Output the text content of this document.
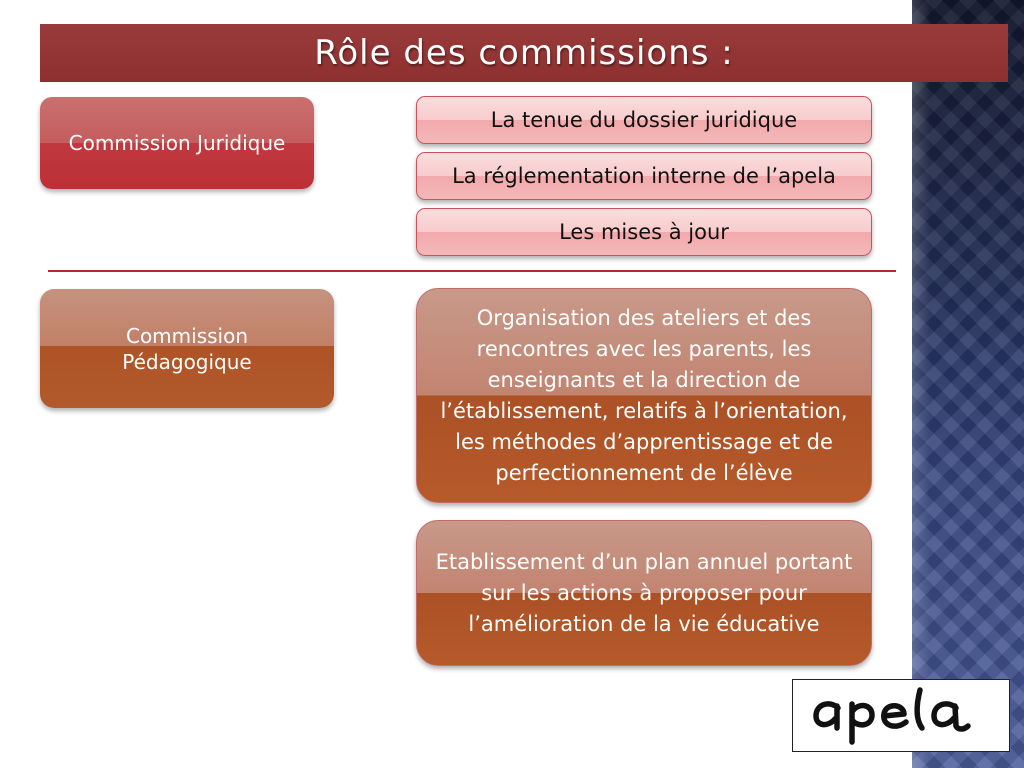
Rôle des commissions :
Commission Juridique
La tenue du dossier juridique
La réglementation interne de l’apela
Les mises à jour
Commission Pédagogique
Organisation des ateliers et des rencontres avec les parents, les enseignants et la direction de l’établissement, relatifs à l’orientation, les méthodes d’apprentissage et de perfectionnement de l’élève
Etablissement d’un plan annuel portant sur les actions à proposer pour l’amélioration de la vie éducative
